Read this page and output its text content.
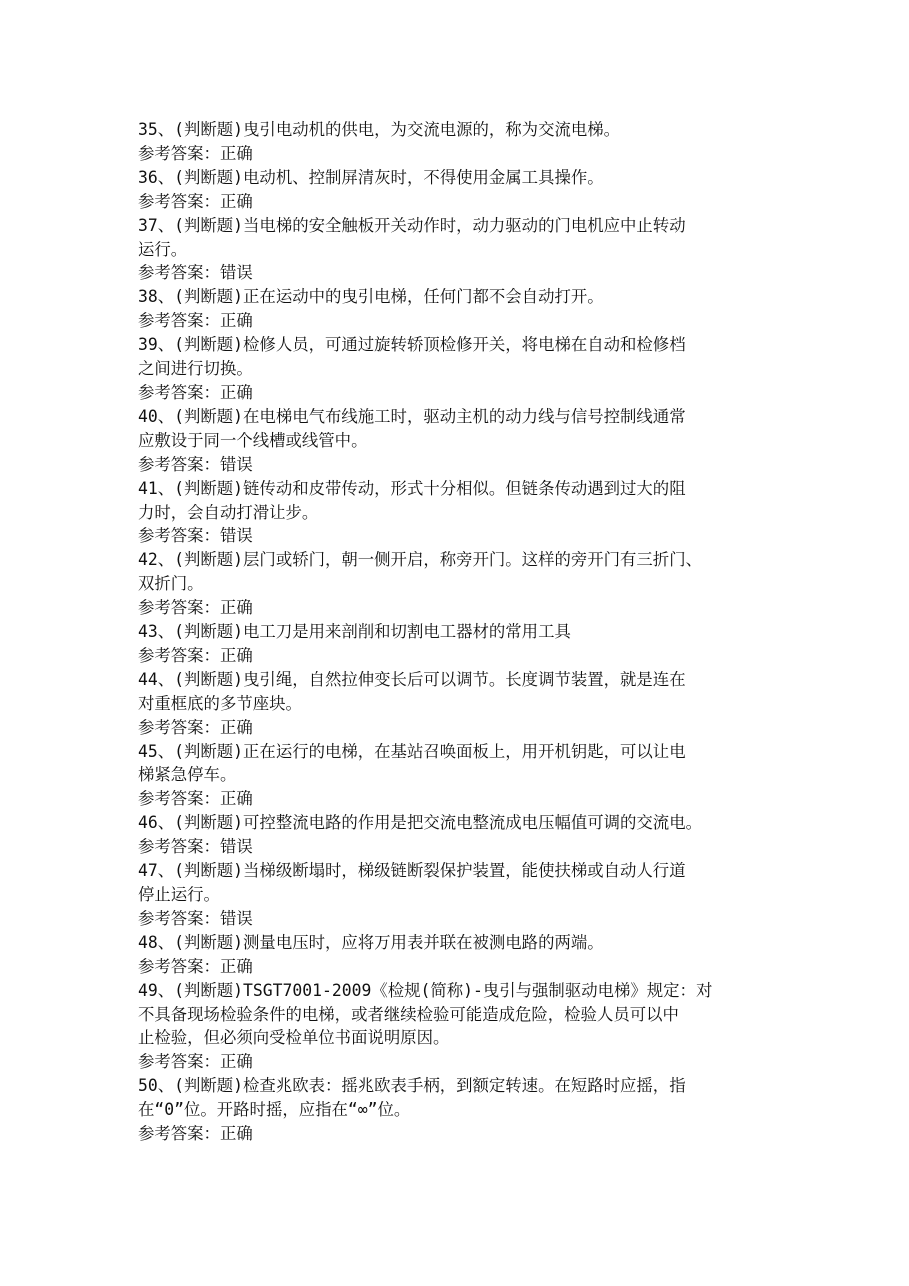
35、(判断题)曳引电动机的供电，为交流电源的，称为交流电梯。
参考答案：正确
36、(判断题)电动机、控制屏清灰时，不得使用金属工具操作。
参考答案：正确
37、(判断题)当电梯的安全触板开关动作时，动力驱动的门电机应中止转动
运行。
参考答案：错误
38、(判断题)正在运动中的曳引电梯，任何门都不会自动打开。
参考答案：正确
39、(判断题)检修人员，可通过旋转轿顶检修开关，将电梯在自动和检修档
之间进行切换。
参考答案：正确
40、(判断题)在电梯电气布线施工时，驱动主机的动力线与信号控制线通常
应敷设于同一个线槽或线管中。
参考答案：错误
41、(判断题)链传动和皮带传动，形式十分相似。但链条传动遇到过大的阻
力时，会自动打滑让步。
参考答案：错误
42、(判断题)层门或轿门，朝一侧开启，称旁开门。这样的旁开门有三折门、
双折门。
参考答案：正确
43、(判断题)电工刀是用来剖削和切割电工器材的常用工具
参考答案：正确
44、(判断题)曳引绳，自然拉伸变长后可以调节。长度调节装置，就是连在
对重框底的多节座块。
参考答案：正确
45、(判断题)正在运行的电梯，在基站召唤面板上，用开机钥匙，可以让电
梯紧急停车。
参考答案：正确
46、(判断题)可控整流电路的作用是把交流电整流成电压幅值可调的交流电。
参考答案：错误
47、(判断题)当梯级断塌时，梯级链断裂保护装置，能使扶梯或自动人行道
停止运行。
参考答案：错误
48、(判断题)测量电压时，应将万用表并联在被测电路的两端。
参考答案：正确
49、(判断题)TSGT7001-2009《检规(简称)-曳引与强制驱动电梯》规定：对
不具备现场检验条件的电梯，或者继续检验可能造成危险，检验人员可以中
止检验，但必须向受检单位书面说明原因。
参考答案：正确
50、(判断题)检查兆欧表：摇兆欧表手柄，到额定转速。在短路时应摇，指
在“0”位。开路时摇，应指在“∞”位。
参考答案：正确
